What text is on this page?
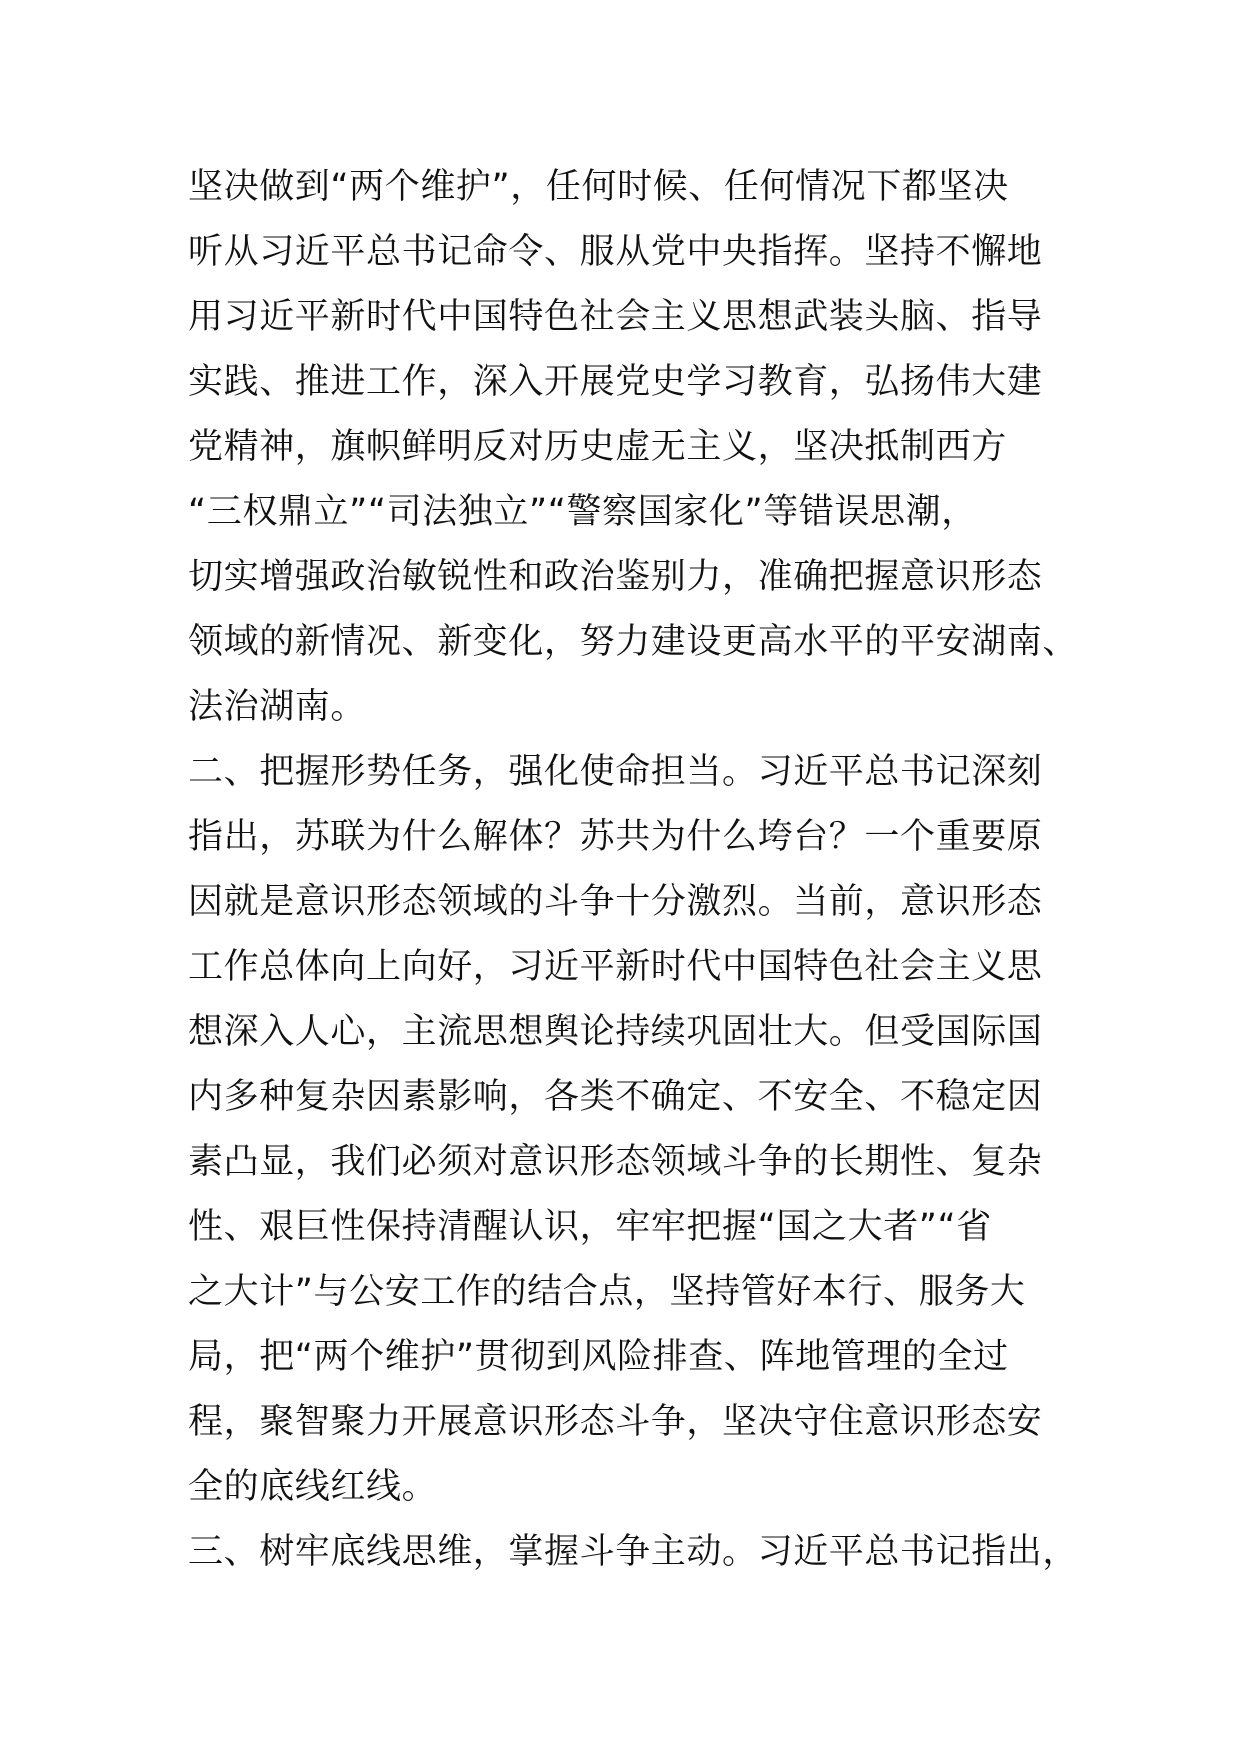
坚决做到“两个维护”，任何时候、任何情况下都坚决
听从习近平总书记命令、服从党中央指挥。坚持不懈地
用习近平新时代中国特色社会主义思想武装头脑、指导
实践、推进工作，深入开展党史学习教育，弘扬伟大建
党精神，旗帜鲜明反对历史虚无主义，坚决抵制西方
“三权鼎立”“司法独立”“警察国家化”等错误思潮，
切实增强政治敏锐性和政治鉴别力，准确把握意识形态
领域的新情况、新变化，努力建设更高水平的平安湖南、
法治湖南。
二、把握形势任务，强化使命担当。习近平总书记深刻
指出，苏联为什么解体？苏共为什么垮台？一个重要原
因就是意识形态领域的斗争十分激烈。当前，意识形态
工作总体向上向好，习近平新时代中国特色社会主义思
想深入人心，主流思想舆论持续巩固壮大。但受国际国
内多种复杂因素影响，各类不确定、不安全、不稳定因
素凸显，我们必须对意识形态领域斗争的长期性、复杂
性、艰巨性保持清醒认识，牢牢把握“国之大者”“省
之大计”与公安工作的结合点，坚持管好本行、服务大
局，把“两个维护”贯彻到风险排查、阵地管理的全过
程，聚智聚力开展意识形态斗争，坚决守住意识形态安
全的底线红线。
三、树牢底线思维，掌握斗争主动。习近平总书记指出，
